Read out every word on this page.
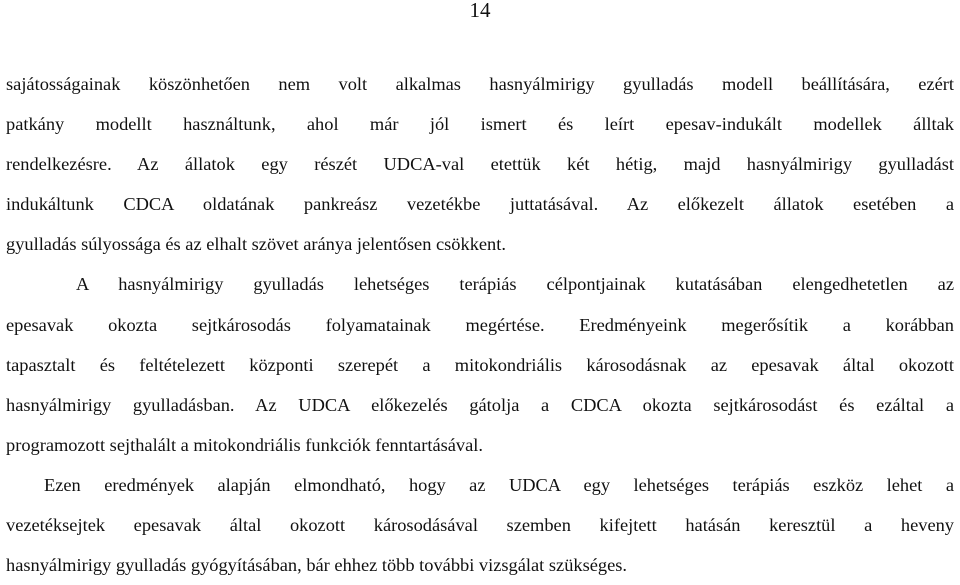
14
sajátosságainak köszönhetően nem volt alkalmas hasnyálmirigy gyulladás modell beállítására, ezért
patkány modellt használtunk, ahol már jól ismert és leírt epesav-indukált modellek álltak
rendelkezésre. Az állatok egy részét UDCA-val etettük két hétig, majd hasnyálmirigy gyulladást
indukáltunk CDCA oldatának pankreász vezetékbe juttatásával. Az előkezelt állatok esetében a
gyulladás súlyossága és az elhalt szövet aránya jelentősen csökkent.
A hasnyálmirigy gyulladás lehetséges terápiás célpontjainak kutatásában elengedhetetlen az
epesavak okozta sejtkárosodás folyamatainak megértése. Eredményeink megerősítik a korábban
tapasztalt és feltételezett központi szerepét a mitokondriális károsodásnak az epesavak által okozott
hasnyálmirigy gyulladásban. Az UDCA előkezelés gátolja a CDCA okozta sejtkárosodást és ezáltal a
programozott sejthalált a mitokondriális funkciók fenntartásával.
Ezen eredmények alapján elmondható, hogy az UDCA egy lehetséges terápiás eszköz lehet a
vezetéksejtek epesavak által okozott károsodásával szemben kifejtett hatásán keresztül a heveny
hasnyálmirigy gyulladás gyógyításában, bár ehhez több további vizsgálat szükséges.
